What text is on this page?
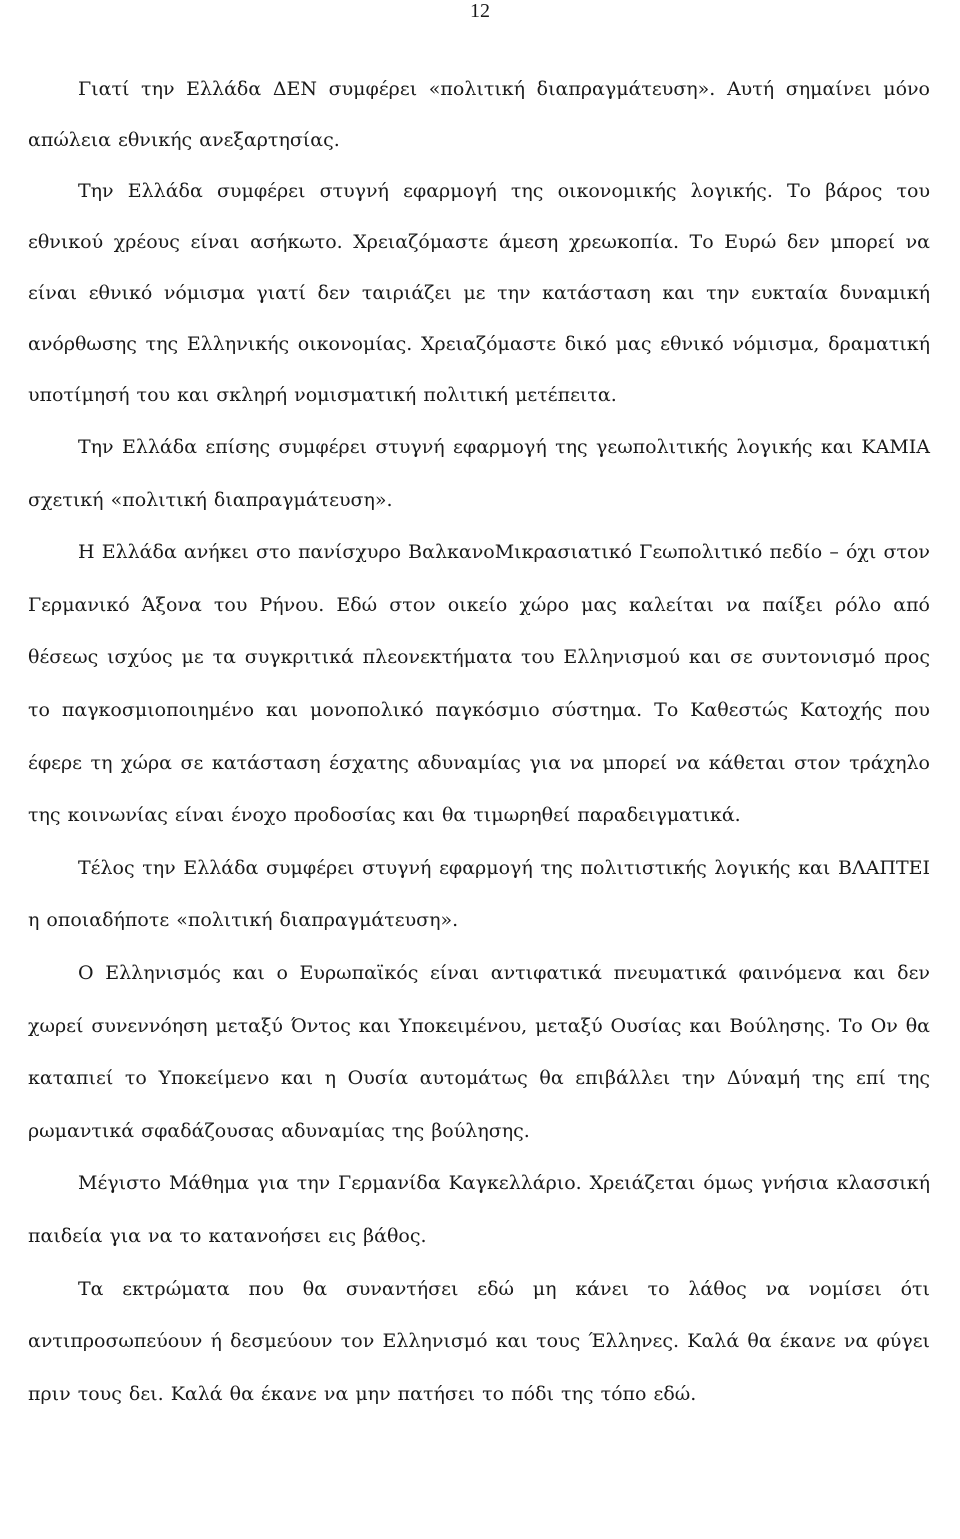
12

Γιατί την Ελλάδα ΔΕΝ συμφέρει «πολιτική διαπραγμάτευση». Αυτή σημαίνει μόνο απώλεια εθνικής ανεξαρτησίας.

Την Ελλάδα συμφέρει στυγνή εφαρμογή της οικονομικής λογικής. Το βάρος του εθνικού χρέους είναι ασήκωτο. Χρειαζόμαστε άμεση χρεωκοπία. Το Ευρώ δεν μπορεί να είναι εθνικό νόμισμα γιατί δεν ταιριάζει με την κατάσταση και την ευκταία δυναμική ανόρθωσης της Ελληνικής οικονομίας. Χρειαζόμαστε δικό μας εθνικό νόμισμα, δραματική υποτίμησή του και σκληρή νομισματική πολιτική μετέπειτα.

Την Ελλάδα επίσης συμφέρει στυγνή εφαρμογή της γεωπολιτικής λογικής και ΚΑΜΙΑ σχετική «πολιτική διαπραγμάτευση».

Η Ελλάδα ανήκει στο πανίσχυρο ΒαλκανοΜικρασιατικό Γεωπολιτικό πεδίο – όχι στον Γερμανικό Άξονα του Ρήνου. Εδώ στον οικείο χώρο μας καλείται να παίξει ρόλο από θέσεως ισχύος με τα συγκριτικά πλεονεκτήματα του Ελληνισμού και σε συντονισμό προς το παγκοσμιοποιημένο και μονοπολικό παγκόσμιο σύστημα. Το Καθεστώς Κατοχής που έφερε τη χώρα σε κατάσταση έσχατης αδυναμίας για να μπορεί να κάθεται στον τράχηλο της κοινωνίας είναι ένοχο προδοσίας και θα τιμωρηθεί παραδειγματικά.

Τέλος την Ελλάδα συμφέρει στυγνή εφαρμογή της πολιτιστικής λογικής και ΒΛΑΠΤΕΙ η οποιαδήποτε «πολιτική διαπραγμάτευση».

Ο Ελληνισμός και ο Ευρωπαϊκός είναι αντιφατικά πνευματικά φαινόμενα και δεν χωρεί συνεννόηση μεταξύ Όντος και Υποκειμένου, μεταξύ Ουσίας και Βούλησης. Το Ον θα καταπιεί το Υποκείμενο και η Ουσία αυτομάτως θα επιβάλλει την Δύναμή της επί της ρωμαντικά σφαδάζουσας αδυναμίας της βούλησης.

Μέγιστο Μάθημα για την Γερμανίδα Καγκελλάριο. Χρειάζεται όμως γνήσια κλασσική παιδεία για να το κατανοήσει εις βάθος.

Τα εκτρώματα που θα συναντήσει εδώ μη κάνει το λάθος να νομίσει ότι αντιπροσωπεύουν ή δεσμεύουν τον Ελληνισμό και τους Έλληνες. Καλά θα έκανε να φύγει πριν τους δει. Καλά θα έκανε να μην πατήσει το πόδι της τόπο εδώ.
